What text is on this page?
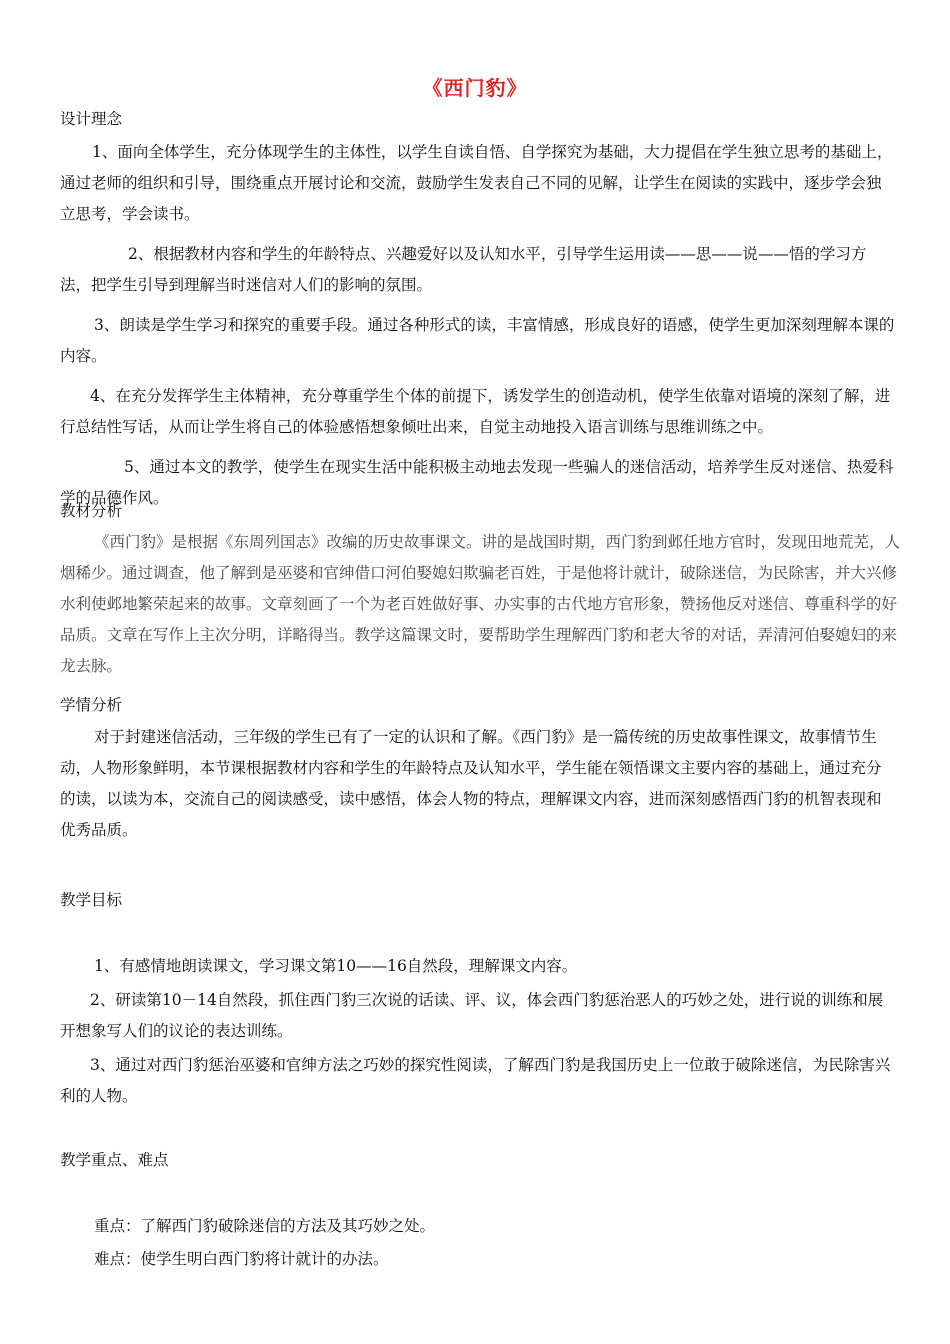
《西门豹》
设计理念

1、面向全体学生，充分体现学生的主体性，以学生自读自悟、自学探究为基础，大力提倡在学生独立思考的基础上，通过老师的组织和引导，围绕重点开展讨论和交流，鼓励学生发表自己不同的见解，让学生在阅读的实践中，逐步学会独立思考，学会读书。

2、根据教材内容和学生的年龄特点、兴趣爱好以及认知水平，引导学生运用读——思——说——悟的学习方法，把学生引导到理解当时迷信对人们的影响的氛围。

3、朗读是学生学习和探究的重要手段。通过各种形式的读，丰富情感，形成良好的语感，使学生更加深刻理解本课的内容。

4、在充分发挥学生主体精神，充分尊重学生个体的前提下，诱发学生的创造动机，使学生依靠对语境的深刻了解，进行总结性写话，从而让学生将自己的体验感悟想象倾吐出来，自觉主动地投入语言训练与思维训练之中。

5、通过本文的教学，使学生在现实生活中能积极主动地去发现一些骗人的迷信活动，培养学生反对迷信、热爱科学的品德作风。

教材分析

《西门豹》是根据《东周列国志》改编的历史故事课文。讲的是战国时期，西门豹到邺任地方官时，发现田地荒芜，人烟稀少。通过调查，他了解到是巫婆和官绅借口河伯娶媳妇欺骗老百姓，于是他将计就计，破除迷信，为民除害，并大兴修水利使邺地繁荣起来的故事。文章刻画了一个为老百姓做好事、办实事的古代地方官形象，赞扬他反对迷信、尊重科学的好品质。文章在写作上主次分明，详略得当。教学这篇课文时，要帮助学生理解西门豹和老大爷的对话，弄清河伯娶媳妇的来龙去脉。

学情分析

对于封建迷信活动，三年级的学生已有了一定的认识和了解。《西门豹》是一篇传统的历史故事性课文，故事情节生动，人物形象鲜明，本节课根据教材内容和学生的年龄特点及认知水平，学生能在领悟课文主要内容的基础上，通过充分的读，以读为本，交流自己的阅读感受，读中感悟，体会人物的特点，理解课文内容，进而深刻感悟西门豹的机智表现和优秀品质。

教学目标

1、有感情地朗读课文，学习课文第10——16自然段，理解课文内容。

2、研读第10－14自然段，抓住西门豹三次说的话读、评、议，体会西门豹惩治恶人的巧妙之处，进行说的训练和展开想象写人们的议论的表达训练。

3、通过对西门豹惩治巫婆和官绅方法之巧妙的探究性阅读，了解西门豹是我国历史上一位敢于破除迷信，为民除害兴利的人物。

教学重点、难点

重点：了解西门豹破除迷信的方法及其巧妙之处。

难点：使学生明白西门豹将计就计的办法。
